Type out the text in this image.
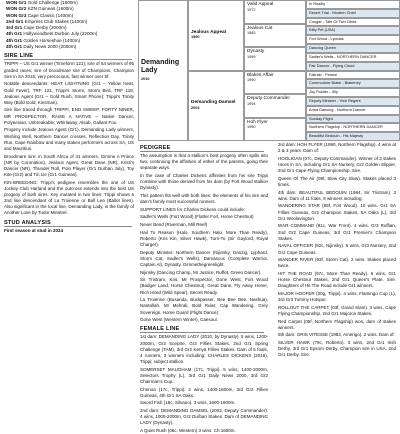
WON Gr1 Gold Challenge (1600m)
WON Gr2 KZN Guineas (1600m)
WON Gr3 Cape Classic (1400m)
2nd Gr1 Empress Club Stakes (1400m)
3rd Gr1 Cape Derby (2000m)
4th Gr1 Hollywoodbets Durban July (2200m)
4th Gr1 Golden Horseshoe (1400m)
4th Gr1 Daily News 2000 (2000m)
SIRE LINE
TRIPPI – US Gr1 winner (Timeform 121); sire of 54 winners of 95 graded races; sire of broodmare sire of Champions, Champion Sire in SA 2016; very precocious, fast winner over 5f.
Notable descendants: HEAT LIGHTNING (Gr1 – Yellow Heat, Gold Fever), TRF 121, Trippi's Storm, Storm Bird, TRF 118; Jealous Agent (Gr1 – Gold Rush, Smart Phone); Trippi's Trinity Way (Bold Gold, Kinsman).
Sire line traced through TRIPPI, END SWEEP, FORTY NINER, MR PROSPECTOR, RAISE A NATIVE – Native Dancer, Polynesian, Unbreakable; Whirlaway, Alsab, Gallant Fox.
Progeny include Jealous Agent (Gr1), Demanding Lady winners, Wishing Well, Northern Dancer crosses, Reflection Day, Trinity Run, Cape Rainbow and many stakes performers across SA, US and Mauritius.
Broodmare sire: in South Africa of 31 winners, Gimme A Prince (NR by Coronation), Jealous Agent, Great Dane (NR), Kristi's Dancer (NR), Thunder Roll, Polo Player (Gr1 Durban July), Toy Kite (Gr2) and Tin Lie (Gr1 Guineas).
KIN-BREEDING: Trippi's pedigree resembles the one of US Jockey Club Harland and the outcross extends into the best US progeny of both sires. Key mutated in two lines: Trippi shows a 2nd line descendant of La Troienne or Bull Lea (Ballot lines). Also significant in the local line, Demanding Lady, is the family of Another Love by Tudor Minstrel.
STUD ANALYSIS
First season at stud in 2024
Demanding Lady
2010
Jealous Appeal
1990
Demanding Damsel
2003
Valid Appeal
1972
Jealous Cat
1983
Dynasty
1999
Blakes Affair
1990
Deputy Commander
1994
Hoh Flyer
1990
In Reality
Desert Trial - Modern Chief
Cougar - Tale Of Two Cities
Kitty Pet (USA)
Fort Wood - Lycidas
Dancing Queen
Sadler's Wells - NORTHERN DANCER
Fair Dancer - Fiying Cloud
Faliraki - Pelane
Commodore Blake - Blakeney
Joy Fiddler - Jilly
Deputy Minister - Vice Regent
Anna Dancing - Northern Dancer
Sunday Flight
Northern Flagship - NORTHERN DANCER
Beautiful Bedouin - His Majesty
PEDIGREE
The assumption is that a stallion's best progeny often spills into two, continuing the affinities of either of the parents, going their separate ways.
In the case of Charles Dickens affinities from his sire Trippi combine with those derived from his dam (by Fort Wood stallion Dynasty).
This pattern fits well with both lines: the elements of his sire and dam's family most successful runners.
SUPPORT LINES for Charles Dickens could include:
Sadler's Wells (Fort Wood) (Flatter Fort, Horse Chestnut)
Never Bend (Riverman, Mill Reef)
Hail To Reason (Halo, Southern Halo, More Than Ready), Roberto (Kris Kin, Silver Hawk), Turn-To (Sir Gaylord, Royal Charger).
Deputy Minister: Northern Dancer (Nijinsky, Danzig, Lyphard, Storm Cat, Sadler's Wells), Damascus (Complete Warrior, Captain Al), Dynasty, Gimmethegreenlight.
Nijinsky (Dancing Champ, Mr Justice, Ruffet, Green Dancer).
Sir Tristram, Kris, Mr Prospector, Gone West, Fort Wood (Badger Land, Horse Chestnut), Great Dane, Fly Away Home, Rich Hired (Wild Spear), Secret Ready.
La Troienne (Busanda, Buckpasser, Bee Bee Bee, Nashua), Nantallah, Mr Mehrali, Bold Ruler, Cap Wandering, Grey Sovereign, Home Guard (Flight Dance).
Gone West (Western Winter), Caesour.
FEMALE LINE
1st dam: DEMANDING LADY (2010, by Dynasty). 5 wins, 1200-2000m, Gr2 Sceptre, Gr3 Fillies Stakes, 2nd Gr1 Spring Challenge (TAM), 3rd Gr2 Kenya Fillies Stakes. Dam of 5 foals, 4 runners, 3 winners including: CHARLES DICKENS (2018), Trippi; subject stallion.
SOMERSET MAUGHAM (17c, Trippi). 5 wins, 1400-2000m, Selectors Trophy (L), 3rd Gr1 Daily News 2000, 3rd Gr2 Chairman's Cup.
Chenoa (17c, Trippi). 2 wins, 1400-1600m, 3rd Gr2 Fillies Guineas, 4th Gr1 SA Oaks.
Sword Fish (18c, Silvano). 3 wins, 1600-1800m.
2nd dam: DEMANDING DAMSEL (2003, Deputy Commander). 4 wins, 1000-2000m, Gr2 Durban Stakes. Dam of DEMANDING LADY (Dynasty).
A Quiet Rush (06c, Western) 3 wins. Ch 1600m.
3rd dam: HOH FLYER (1990, Northern Flagship). 4 wins at 2 & 3 years. Dam of:
HOOLIGAN (07c, Deputy Commander). Winner of 3 stakes races in SA, including Gr1 SA Nursery, Gr2 Golden Slipper, 2nd Gr1 Cape Flying Championship. Sire.
Queen Of The Air (09f, Slew City Slew). Stakes placed 3 times.
4th dam: BEAUTIFUL BEDOUIN (1984, Sir Tristram). 3 wins. Dam of 11 foals, 9 winners including:
WANDERING STAR (89f, Fort Wood). 10 wins. Gr1 SA Fillies Guineas, Gr2 Champion Stakes, SA Oaks (L), 3rd Gr1 Woolavington.
WAR COMMAND (91c, War Front). 4 wins. Gr3 Ruffian, 2nd Gr2 Cape Guineas, 3rd Gr1 Premier's Champion Stakes.
NAVAL OFFICER (92c, Nijinsky). 5 wins, Gr3 Nursery, 2nd Gr2 Cape Guineas.
WANDER RIVER (93f, Storm Cat). 2 wins. Stakes placed twice.
HIT THE ROAD (97c, More Than Ready). 6 wins, Gr1 Horse Chestnut Stakes, 2nd Gr1 Queen's Plate. Sire. Daughters of Hit The Road include Gr1 winners.
MAJOR HOOFER (00g, Trippi). 4 wins, Flamingo Cup (L), 3rd Gr3 Tommy Hotspur.
ROLLOUT THE CARPET (03f, Grand Slam). 3 wins, Cape Flying Championship, 2nd Gr1 Majorca Stakes.
Red Carpet (05f, Northern Flagship) won, dam of stakes winners.
5th dam: GRIS VITESSE (1983, Amerigo). 2 wins. Dam of:
SILVER HAWK (79c, Roberto). 3 wins, 2nd Gr1 Irish Derby, 3rd Gr1 Epsom Derby. Champion sire in USA. 2nd Gr1 Derby. Sire.
